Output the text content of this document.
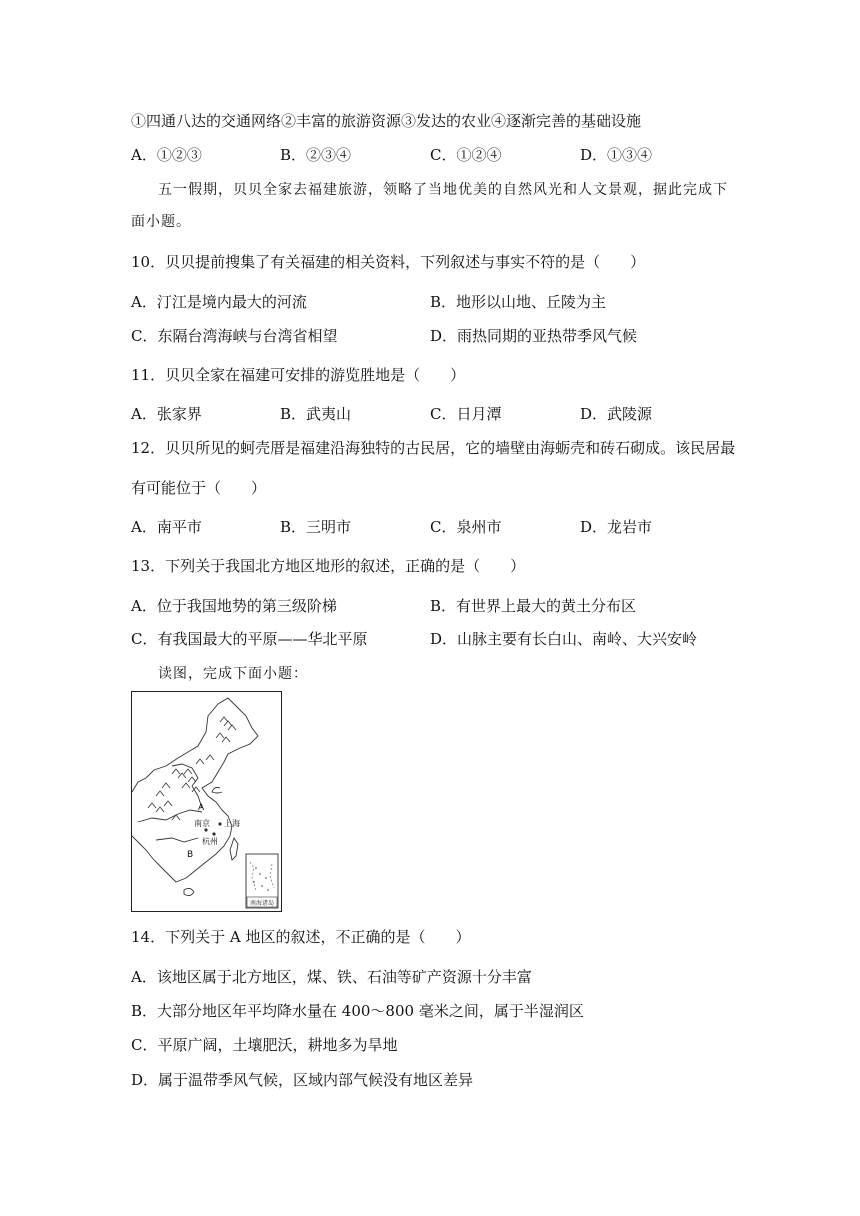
①四通八达的交通网络②丰富的旅游资源③发达的农业④逐渐完善的基础设施
A．①②③	B．②③④	C．①②④	D．①③④
五一假期，贝贝全家去福建旅游，领略了当地优美的自然风光和人文景观，据此完成下
面小题。
10．贝贝提前搜集了有关福建的相关资料，下列叙述与事实不符的是（　　）
A．汀江是境内最大的河流	B．地形以山地、丘陵为主
C．东隔台湾海峡与台湾省相望	D．雨热同期的亚热带季风气候
11．贝贝全家在福建可安排的游览胜地是（　　）
A．张家界	B．武夷山	C．日月潭	D．武陵源
12．贝贝所见的蚵壳厝是福建沿海独特的古民居，它的墙壁由海蛎壳和砖石砌成。该民居最
有可能位于（　　）
A．南平市	B．三明市	C．泉州市	D．龙岩市
13．下列关于我国北方地区地形的叙述，正确的是（　　）
A．位于我国地势的第三级阶梯	B．有世界上最大的黄土分布区
C．有我国最大的平原——华北平原	D．山脉主要有长白山、南岭、大兴安岭
读图，完成下面小题：
南海诸岛
A
B
南京 上海
杭州
14．下列关于 A 地区的叙述，不正确的是（　　）
A．该地区属于北方地区，煤、铁、石油等矿产资源十分丰富
B．大部分地区年平均降水量在 400～800 毫米之间，属于半湿润区
C．平原广阔，土壤肥沃，耕地多为旱地
D．属于温带季风气候，区域内部气候没有地区差异
